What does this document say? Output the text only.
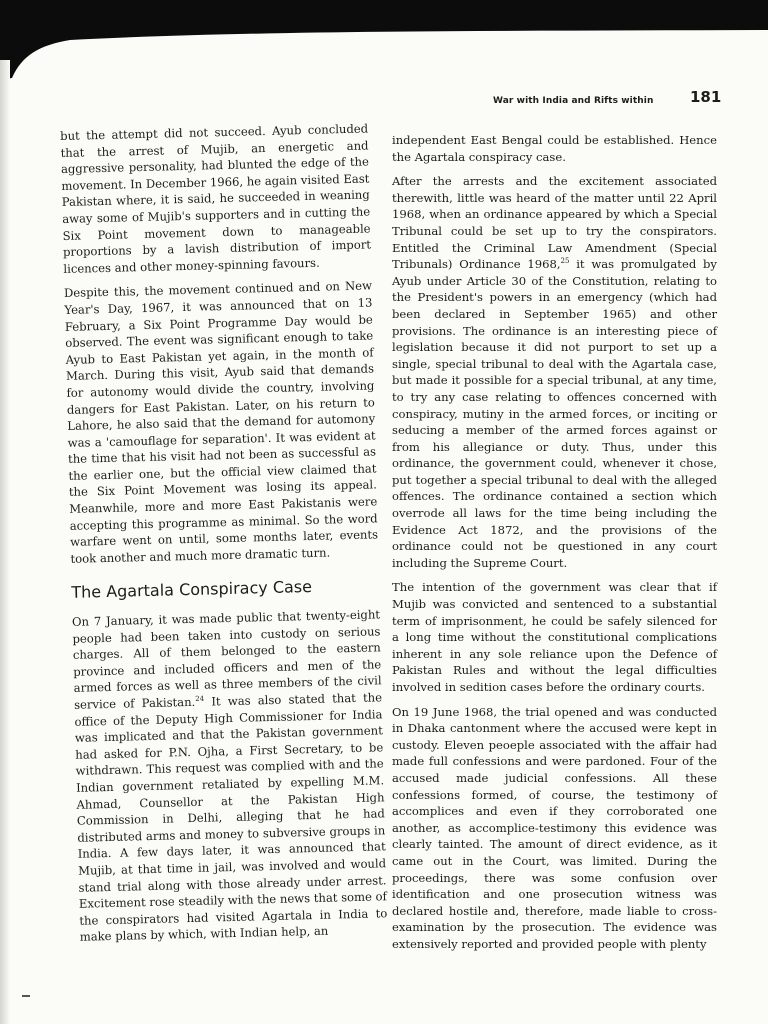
War with India and Rifts within 181

but the attempt did not succeed. Ayub concluded that the arrest of Mujib, an energetic and aggressive personality, had blunted the edge of the movement. In December 1966, he again visited East Pakistan where, it is said, he succeeded in weaning away some of Mujib's supporters and in cutting the Six Point movement down to manageable proportions by a lavish distribution of import licences and other money-spinning favours.

Despite this, the movement continued and on New Year's Day, 1967, it was announced that on 13 February, a Six Point Programme Day would be observed. The event was significant enough to take Ayub to East Pakistan yet again, in the month of March. During this visit, Ayub said that demands for autonomy would divide the country, involving dangers for East Pakistan. Later, on his return to Lahore, he also said that the demand for automony was a 'camouflage for separation'. It was evident at the time that his visit had not been as successful as the earlier one, but the official view claimed that the Six Point Movement was losing its appeal. Meanwhile, more and more East Pakistanis were accepting this programme as minimal. So the word warfare went on until, some months later, events took another and much more dramatic turn.

The Agartala Conspiracy Case

On 7 January, it was made public that twenty-eight people had been taken into custody on serious charges. All of them belonged to the eastern province and included officers and men of the armed forces as well as three members of the civil service of Pakistan.$^{24}$ It was also stated that the office of the Deputy High Commissioner for India was implicated and that the Pakistan government had asked for P.N. Ojha, a First Secretary, to be withdrawn. This request was complied with and the Indian government retaliated by expelling M.M. Ahmad, Counsellor at the Pakistan High Commission in Delhi, alleging that he had distributed arms and money to subversive groups in India. A few days later, it was announced that Mujib, at that time in jail, was involved and would stand trial along with those already under arrest. Excitement rose steadily with the news that some of the conspirators had visited Agartala in India to make plans by which, with Indian help, an

independent East Bengal could be established. Hence the Agartala conspiracy case.

After the arrests and the excitement associated therewith, little was heard of the matter until 22 April 1968, when an ordinance appeared by which a Special Tribunal could be set up to try the conspirators. Entitled the Criminal Law Amendment (Special Tribunals) Ordinance 1968,25 it was promulgated by Ayub under Article 30 of the Constitution, relating to the President's powers in an emergency (which had been declared in September 1965) and other provisions. The ordinance is an interesting piece of legislation because it did not purport to set up a single, special tribunal to deal with the Agartala case, but made it possible for a special tribunal, at any time, to try any case relating to offences concerned with conspiracy, mutiny in the armed forces, or inciting or seducing a member of the armed forces against or from his allegiance or duty. Thus, under this ordinance, the government could, whenever it chose, put together a special tribunal to deal with the alleged offences. The ordinance contained a section which overrode all laws for the time being including the Evidence Act 1872, and the provisions of the ordinance could not be questioned in any court including the Supreme Court.

The intention of the government was clear that if Mujib was convicted and sentenced to a substantial term of imprisonment, he could be safely silenced for a long time without the constitutional complications inherent in any sole reliance upon the Defence of Pakistan Rules and without the legal difficulties involved in sedition cases before the ordinary courts.

On 19 June 1968, the trial opened and was conducted in Dhaka cantonment where the accused were kept in custody. Eleven peoeple associated with the affair had made full confessions and were pardoned. Four of the accused made judicial confessions. All these confessions formed, of course, the testimony of accomplices and even if they corroborated one another, as accomplice-testimony this evidence was clearly tainted. The amount of direct evidence, as it came out in the Court, was limited. During the proceedings, there was some confusion over identification and one prosecution witness was declared hostile and, therefore, made liable to cross-examination by the prosecution. The evidence was extensively reported and provided people with plenty
